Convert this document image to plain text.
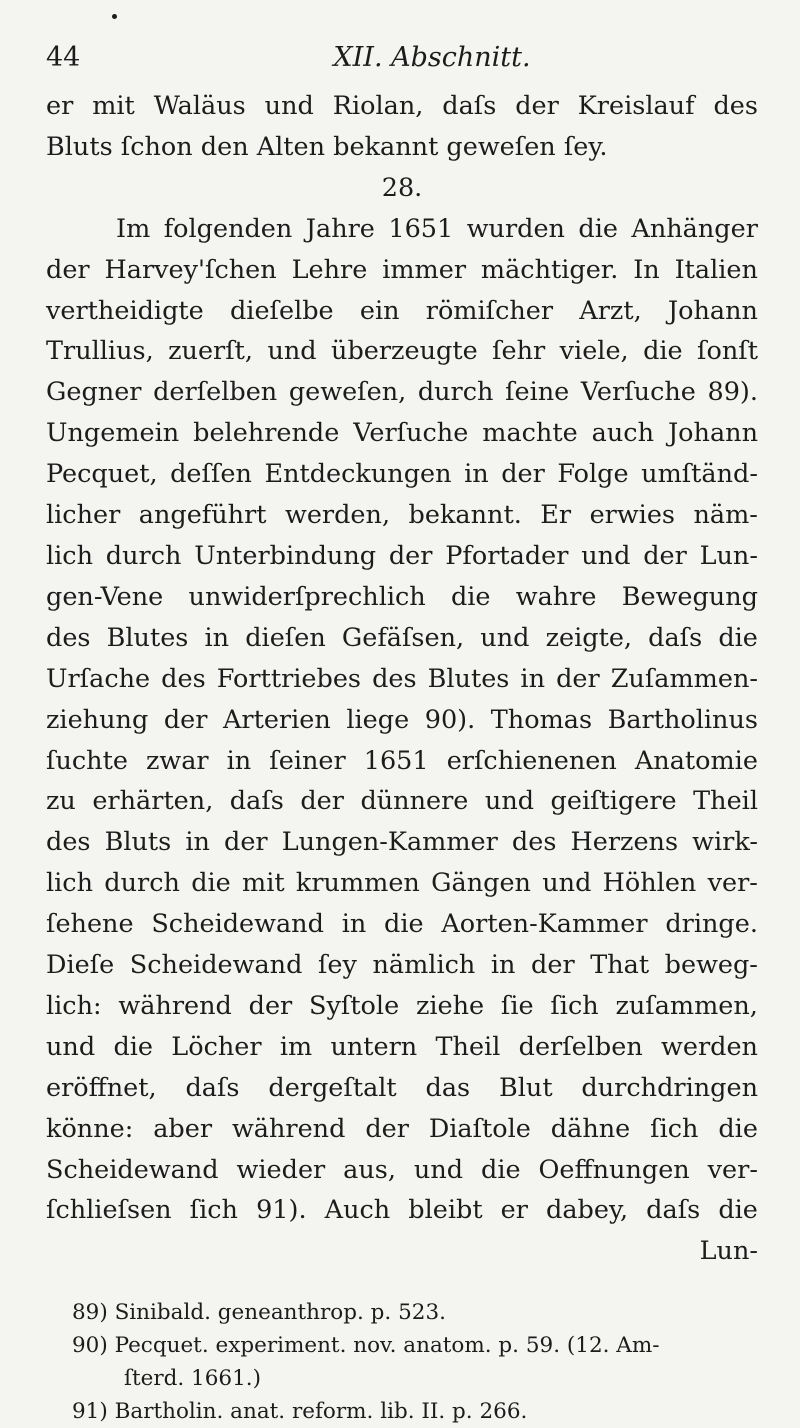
44	XII. Abschnitt.
er mit Waläus und Riolan, daſs der Kreislauf des
Bluts ſchon den Alten bekannt geweſen ſey.
28.
Im folgenden Jahre 1651 wurden die Anhänger
der Harvey'ſchen Lehre immer mächtiger. In Italien
vertheidigte dieſelbe ein römiſcher Arzt, Johann
Trullius, zuerſt, und überzeugte ſehr viele, die ſonſt
Gegner derſelben geweſen, durch ſeine Verſuche 89).
Ungemein belehrende Verſuche machte auch Johann
Pecquet, deſſen Entdeckungen in der Folge umſtänd-
licher angeführt werden, bekannt. Er erwies näm-
lich durch Unterbindung der Pfortader und der Lun-
gen-Vene unwiderſprechlich die wahre Bewegung
des Blutes in dieſen Gefäſsen, und zeigte, daſs die
Urſache des Forttriebes des Blutes in der Zuſammen-
ziehung der Arterien liege 90). Thomas Bartholinus
ſuchte zwar in ſeiner 1651 erſchienenen Anatomie
zu erhärten, daſs der dünnere und geiſtigere Theil
des Bluts in der Lungen-Kammer des Herzens wirk-
lich durch die mit krummen Gängen und Höhlen ver-
ſehene Scheidewand in die Aorten-Kammer dringe.
Dieſe Scheidewand ſey nämlich in der That beweg-
lich: während der Syſtole ziehe ſie ſich zuſammen,
und die Löcher im untern Theil derſelben werden
eröffnet, daſs dergeſtalt das Blut durchdringen
könne: aber während der Diaſtole dähne ſich die
Scheidewand wieder aus, und die Oeffnungen ver-
ſchlieſsen ſich 91). Auch bleibt er dabey, daſs die
Lun-
89) Sinibald. geneanthrop. p. 523.
90) Pecquet. experiment. nov. anatom. p. 59. (12. Am-
ſterd. 1661.)
91) Bartholin. anat. reform. lib. II. p. 266.
